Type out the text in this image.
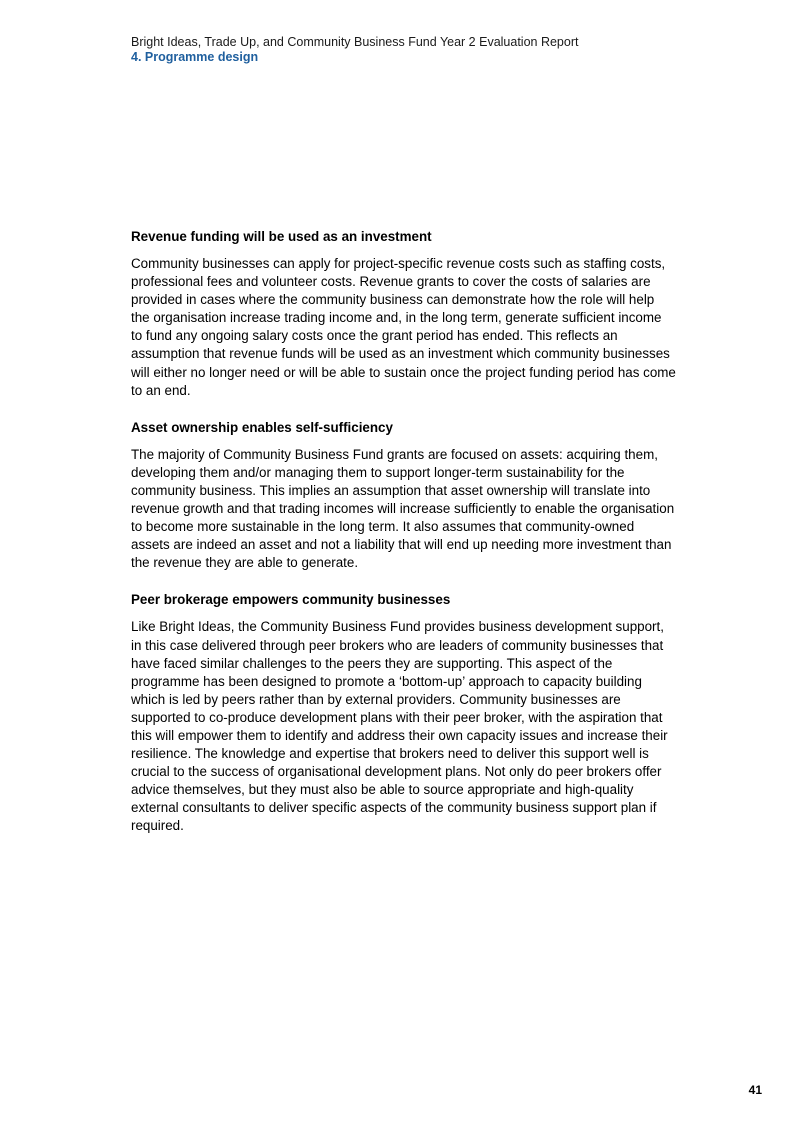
Bright Ideas, Trade Up, and Community Business Fund Year 2 Evaluation Report
4. Programme design
Revenue funding will be used as an investment

Community businesses can apply for project-specific revenue costs such as staffing costs, professional fees and volunteer costs. Revenue grants to cover the costs of salaries are provided in cases where the community business can demonstrate how the role will help the organisation increase trading income and, in the long term, generate sufficient income to fund any ongoing salary costs once the grant period has ended. This reflects an assumption that revenue funds will be used as an investment which community businesses will either no longer need or will be able to sustain once the project funding period has come to an end.

Asset ownership enables self-sufficiency

The majority of Community Business Fund grants are focused on assets: acquiring them, developing them and/or managing them to support longer-term sustainability for the community business. This implies an assumption that asset ownership will translate into revenue growth and that trading incomes will increase sufficiently to enable the organisation to become more sustainable in the long term. It also assumes that community-owned assets are indeed an asset and not a liability that will end up needing more investment than the revenue they are able to generate.

Peer brokerage empowers community businesses

Like Bright Ideas, the Community Business Fund provides business development support, in this case delivered through peer brokers who are leaders of community businesses that have faced similar challenges to the peers they are supporting. This aspect of the programme has been designed to promote a ‘bottom-up’ approach to capacity building which is led by peers rather than by external providers. Community businesses are supported to co-produce development plans with their peer broker, with the aspiration that this will empower them to identify and address their own capacity issues and increase their resilience. The knowledge and expertise that brokers need to deliver this support well is crucial to the success of organisational development plans. Not only do peer brokers offer advice themselves, but they must also be able to source appropriate and high-quality external consultants to deliver specific aspects of the community business support plan if required.

41
